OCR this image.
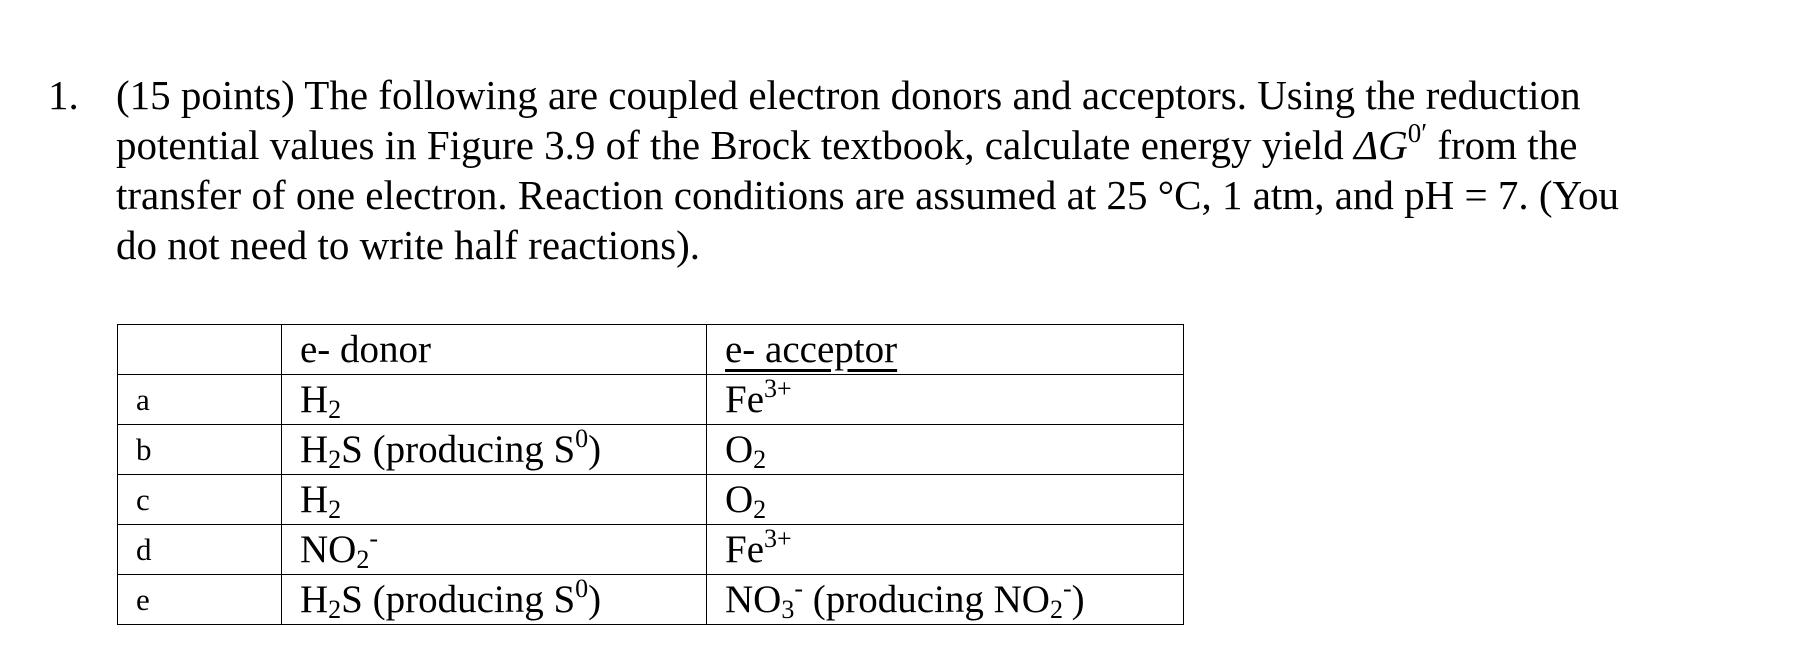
1. (15 points) The following are coupled electron donors and acceptors. Using the reduction
potential values in Figure 3.9 of the Brock textbook, calculate energy yield $\Delta G^{0'}$ from the
transfer of one electron. Reaction conditions are assumed at 25 °C, 1 atm, and pH = 7. (You
do not need to write half reactions).
	e- donor	e- acceptor
a	$H_2$	$Fe^{3+}$
b	$H_2S$ (producing $S^0$)	$O_2$
c	$H_2$	$O_2$
d	$NO_2^-$	$Fe^{3+}$
e	$H_2S$ (producing $S^0$)	$NO_3^-$ (producing $NO_2^-$)
